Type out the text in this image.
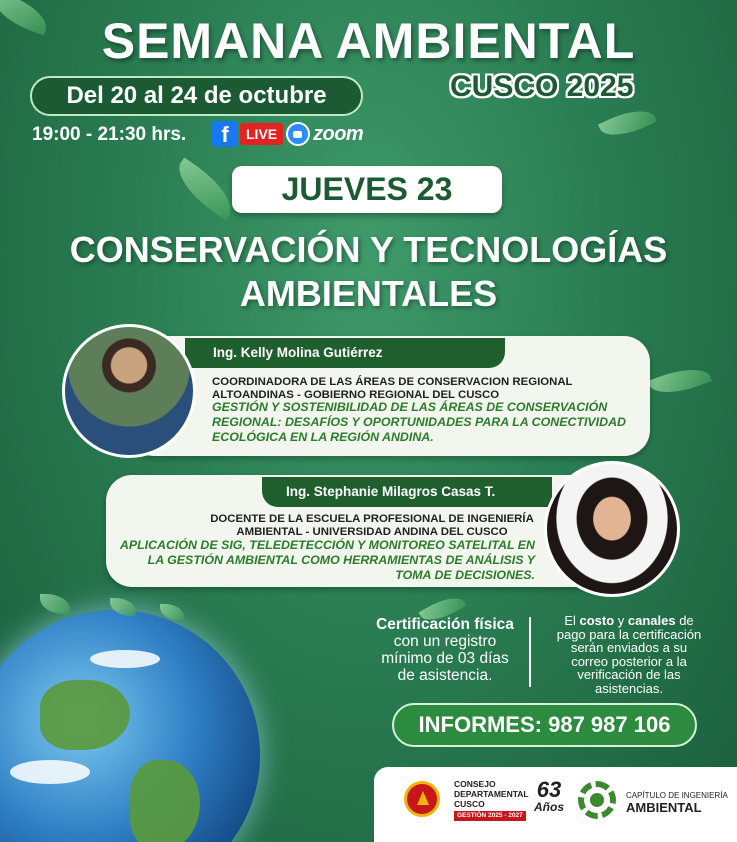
SEMANA AMBIENTAL
Del 20 al 24 de octubre	CUSCO 2025
19:00 - 21:30 hrs.	f	LIVE	zoom
JUEVES 23
CONSERVACIÓN Y TECNOLOGÍAS
AMBIENTALES
Ing. Kelly Molina Gutiérrez
COORDINADORA DE LAS ÁREAS DE CONSERVACION REGIONAL
ALTOANDINAS - GOBIERNO REGIONAL DEL CUSCO
GESTIÓN Y SOSTENIBILIDAD DE LAS ÁREAS DE CONSERVACIÓN
REGIONAL: DESAFÍOS Y OPORTUNIDADES PARA LA CONECTIVIDAD
ECOLÓGICA EN LA REGIÓN ANDINA.
Ing. Stephanie Milagros Casas T.
DOCENTE DE LA ESCUELA PROFESIONAL DE INGENIERÍA
AMBIENTAL - UNIVERSIDAD ANDINA DEL CUSCO
APLICACIÓN DE SIG, TELEDETECCIÓN Y MONITOREO SATELITAL EN
LA GESTIÓN AMBIENTAL COMO HERRAMIENTAS DE ANÁLISIS Y
TOMA DE DECISIONES.
Certificación física
con un registro
mínimo de 03 días
de asistencia.
El costo y canales de
pago para la certificación
serán enviados a su
correo posterior a la
verificación de las
asistencias.
INFORMES: 987 987 106
CONSEJO
DEPARTAMENTAL
CUSCO
GESTIÓN 2025 - 2027
63
Años
CAPÍTULO DE INGENIERÍA
AMBIENTAL
